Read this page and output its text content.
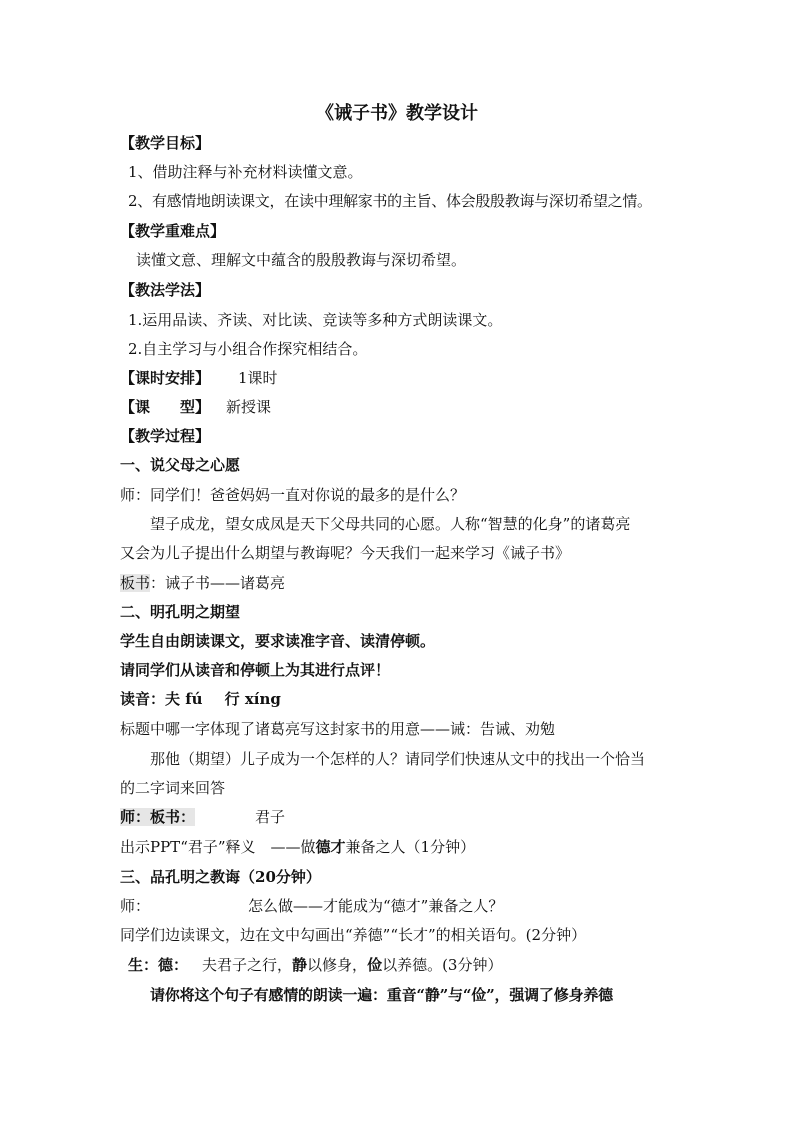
《诫子书》教学设计
【教学目标】
1、借助注释与补充材料读懂文意。
2、有感情地朗读课文，在读中理解家书的主旨、体会殷殷教诲与深切希望之情。
【教学重难点】
读懂文意、理解文中蕴含的殷殷教诲与深切希望。
【教法学法】
1.运用品读、齐读、对比读、竞读等多种方式朗读课文。
2.自主学习与小组合作探究相结合。
【课时安排】 1课时
【课　　型】 新授课
【教学过程】
一、说父母之心愿
师：同学们！爸爸妈妈一直对你说的最多的是什么？
望子成龙，望女成凤是天下父母共同的心愿。人称“智慧的化身”的诸葛亮
又会为儿子提出什么期望与教诲呢？今天我们一起来学习《诫子书》
板书：诫子书——诸葛亮
二、明孔明之期望
学生自由朗读课文，要求读准字音、读清停顿。
请同学们从读音和停顿上为其进行点评！
读音：夫 fú 行 xíng
标题中哪一字体现了诸葛亮写这封家书的用意——诫：告诫、劝勉
那他（期望）儿子成为一个怎样的人？请同学们快速从文中的找出一个恰当
的二字词来回答
师：板书：	君子
出示PPT“君子”释义　——做德才兼备之人（1分钟）
三、品孔明之教诲（20分钟）
师：	怎么做——才能成为“德才”兼备之人？
同学们边读课文，边在文中勾画出“养德”“长才”的相关语句。(2分钟）
生：德： 夫君子之行，静以修身，俭以养德。(3分钟）
请你将这个句子有感情的朗读一遍：重音“静”与“俭”，强调了修身养德
